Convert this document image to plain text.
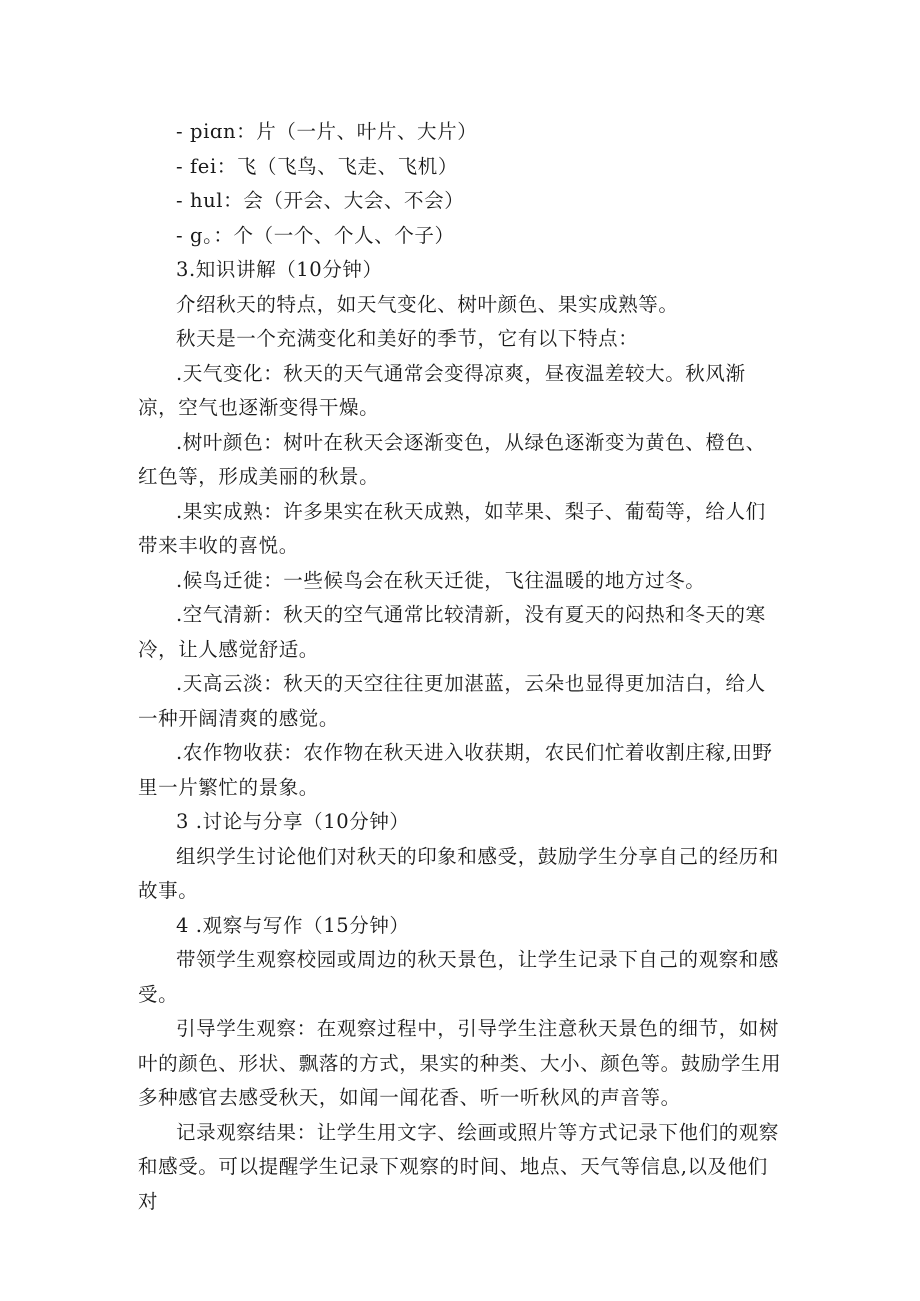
- piɑn：片（一片、叶片、大片）

- fei：飞（飞鸟、飞走、飞机）

- hul：会（开会、大会、不会）

- g。：个（一个、个人、个子）

3.知识讲解（10分钟）

介绍秋天的特点，如天气变化、树叶颜色、果实成熟等。

秋天是一个充满变化和美好的季节，它有以下特点：

.天气变化：秋天的天气通常会变得凉爽，昼夜温差较大。秋风渐凉，空气也逐渐变得干燥。

.树叶颜色：树叶在秋天会逐渐变色，从绿色逐渐变为黄色、橙色、红色等，形成美丽的秋景。

.果实成熟：许多果实在秋天成熟，如苹果、梨子、葡萄等，给人们带来丰收的喜悦。

.候鸟迁徙：一些候鸟会在秋天迁徙，飞往温暖的地方过冬。

.空气清新：秋天的空气通常比较清新，没有夏天的闷热和冬天的寒冷，让人感觉舒适。

.天高云淡：秋天的天空往往更加湛蓝，云朵也显得更加洁白，给人一种开阔清爽的感觉。

.农作物收获：农作物在秋天进入收获期，农民们忙着收割庄稼,田野里一片繁忙的景象。

3 .讨论与分享（10分钟）

组织学生讨论他们对秋天的印象和感受，鼓励学生分享自己的经历和故事。

4 .观察与写作（15分钟）

带领学生观察校园或周边的秋天景色，让学生记录下自己的观察和感受。

引导学生观察：在观察过程中，引导学生注意秋天景色的细节，如树叶的颜色、形状、飘落的方式，果实的种类、大小、颜色等。鼓励学生用多种感官去感受秋天，如闻一闻花香、听一听秋风的声音等。

记录观察结果：让学生用文字、绘画或照片等方式记录下他们的观察和感受。可以提醒学生记录下观察的时间、地点、天气等信息,以及他们对
